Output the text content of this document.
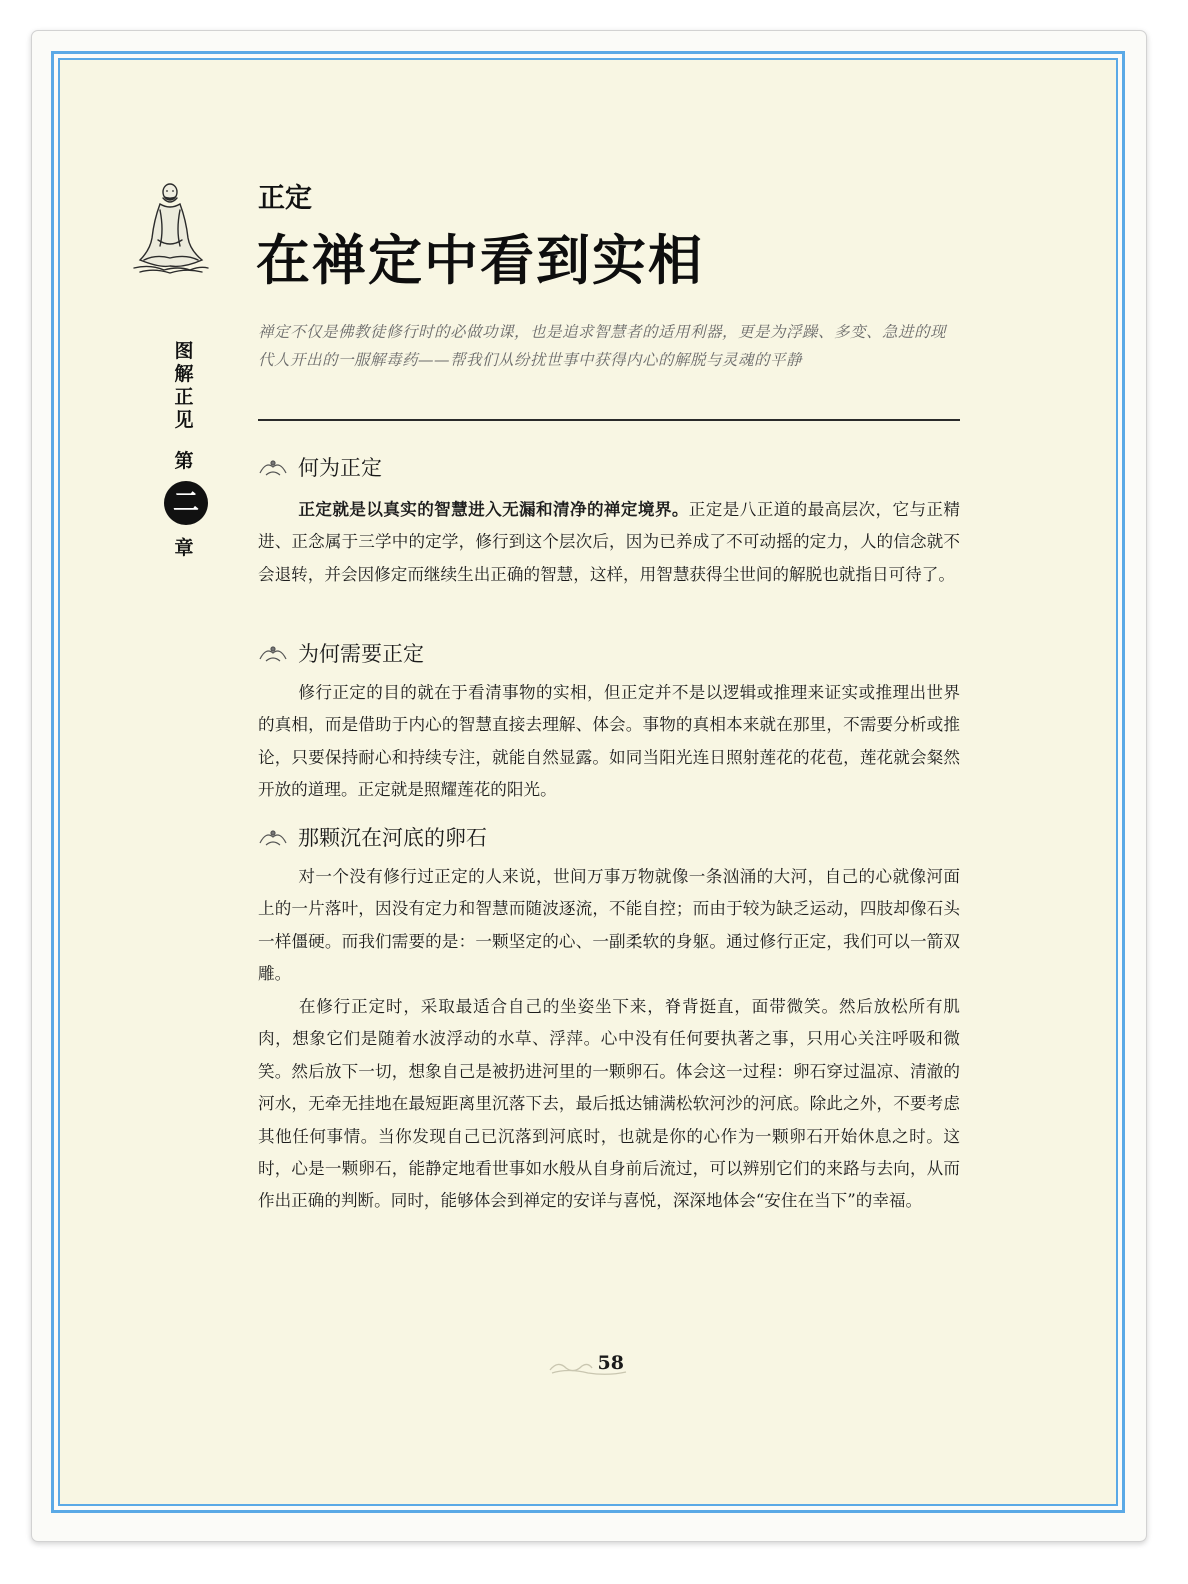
图
解
正
见
第
二
章
正定
在禅定中看到实相
禅定不仅是佛教徒修行时的必做功课，也是追求智慧者的适用利器，更是为浮躁、多变、急进的现代人开出的一服解毒药——帮我们从纷扰世事中获得内心的解脱与灵魂的平静
何为正定
正定就是以真实的智慧进入无漏和清净的禅定境界。正定是八正道的最高层次，它与正精进、正念属于三学中的定学，修行到这个层次后，因为已养成了不可动摇的定力，人的信念就不会退转，并会因修定而继续生出正确的智慧，这样，用智慧获得尘世间的解脱也就指日可待了。
为何需要正定
修行正定的目的就在于看清事物的实相，但正定并不是以逻辑或推理来证实或推理出世界的真相，而是借助于内心的智慧直接去理解、体会。事物的真相本来就在那里，不需要分析或推论，只要保持耐心和持续专注，就能自然显露。如同当阳光连日照射莲花的花苞，莲花就会粲然开放的道理。正定就是照耀莲花的阳光。
那颗沉在河底的卵石
对一个没有修行过正定的人来说，世间万事万物就像一条汹涌的大河，自己的心就像河面上的一片落叶，因没有定力和智慧而随波逐流，不能自控；而由于较为缺乏运动，四肢却像石头一样僵硬。而我们需要的是：一颗坚定的心、一副柔软的身躯。通过修行正定，我们可以一箭双雕。
在修行正定时，采取最适合自己的坐姿坐下来，脊背挺直，面带微笑。然后放松所有肌肉，想象它们是随着水波浮动的水草、浮萍。心中没有任何要执著之事，只用心关注呼吸和微笑。然后放下一切，想象自己是被扔进河里的一颗卵石。体会这一过程：卵石穿过温凉、清澈的河水，无牵无挂地在最短距离里沉落下去，最后抵达铺满松软河沙的河底。除此之外，不要考虑其他任何事情。当你发现自己已沉落到河底时，也就是你的心作为一颗卵石开始休息之时。这时，心是一颗卵石，能静定地看世事如水般从自身前后流过，可以辨别它们的来路与去向，从而作出正确的判断。同时，能够体会到禅定的安详与喜悦，深深地体会“安住在当下”的幸福。
58
